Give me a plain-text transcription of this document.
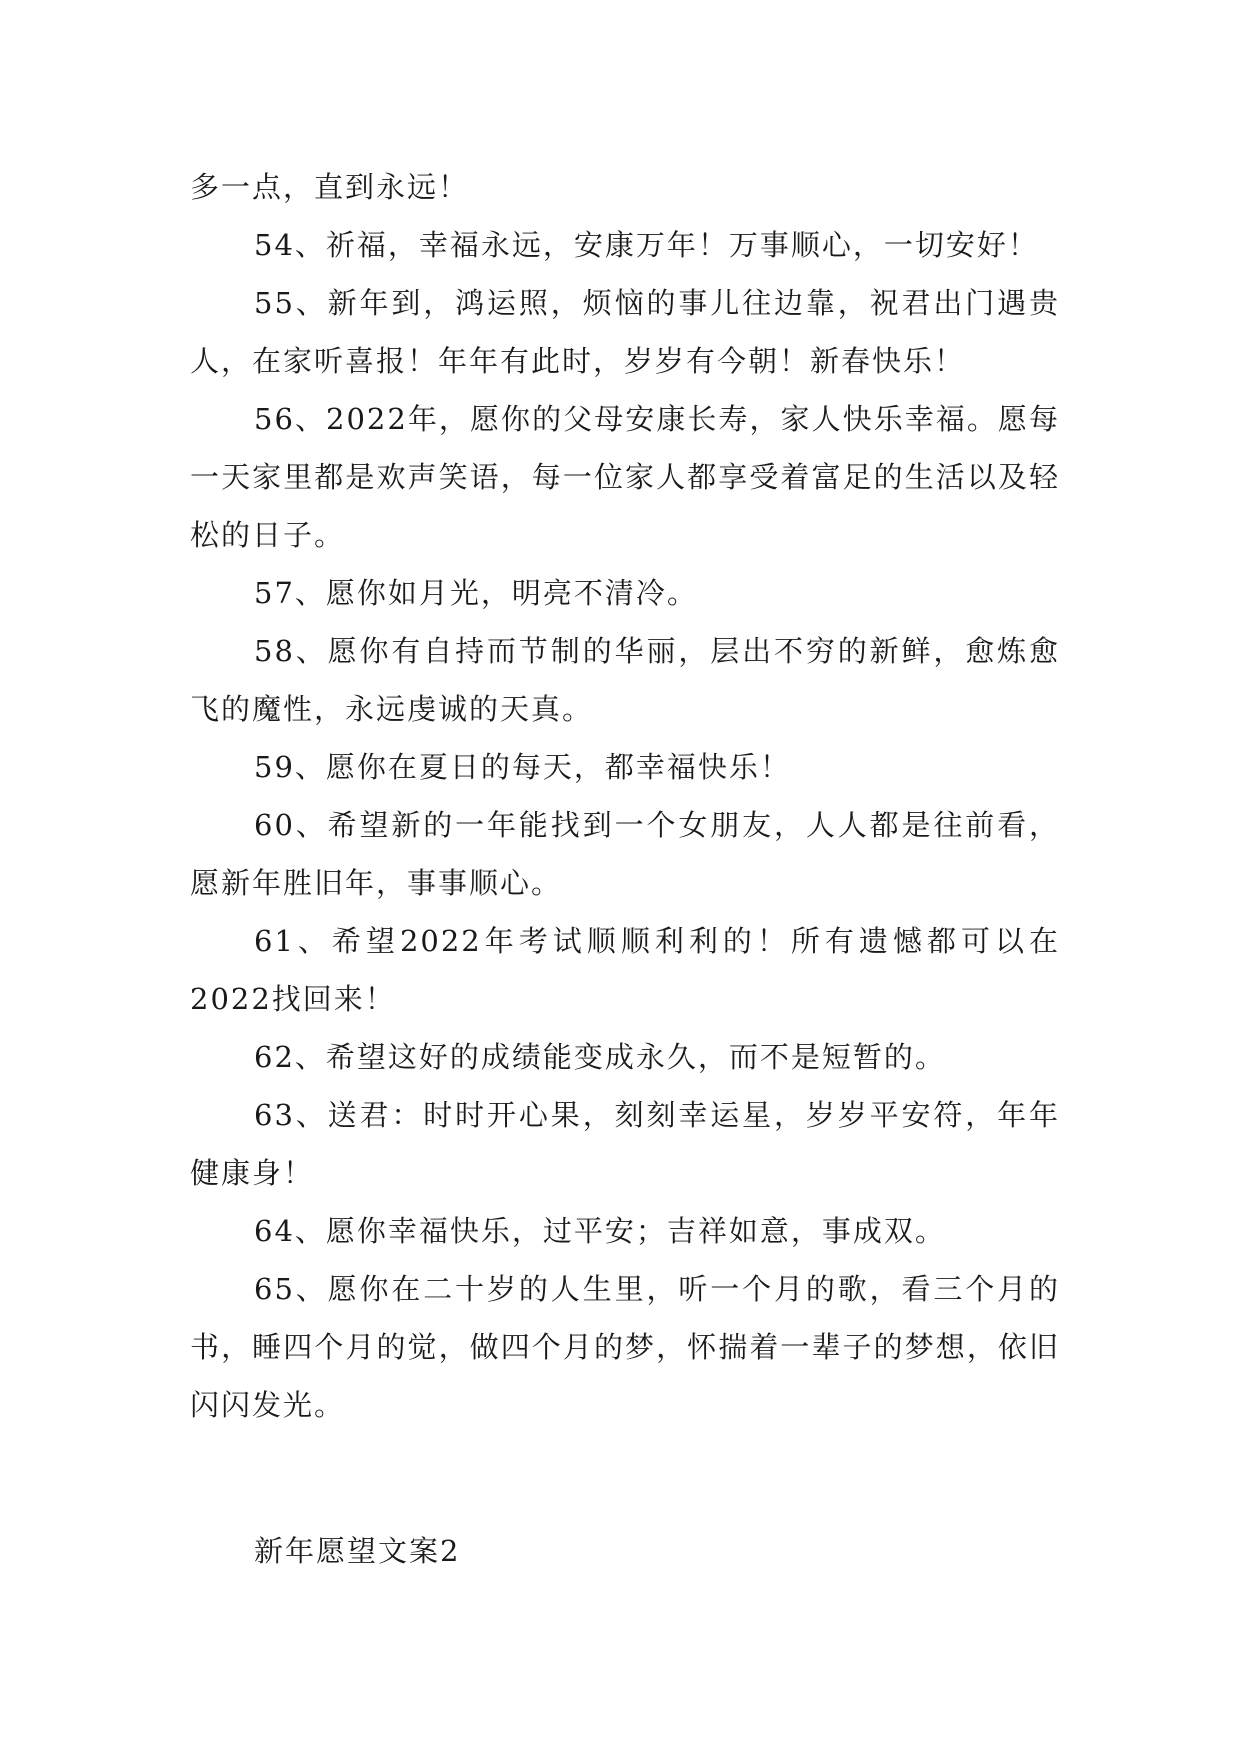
多一点，直到永远！

54、祈福，幸福永远，安康万年！万事顺心，一切安好！

55、新年到，鸿运照，烦恼的事儿往边靠，祝君出门遇贵人，在家听喜报！年年有此时，岁岁有今朝！新春快乐！

56、2022年，愿你的父母安康长寿，家人快乐幸福。愿每一天家里都是欢声笑语，每一位家人都享受着富足的生活以及轻松的日子。

57、愿你如月光，明亮不清冷。

58、愿你有自持而节制的华丽，层出不穷的新鲜，愈炼愈飞的魔性，永远虔诚的天真。

59、愿你在夏日的每天，都幸福快乐！

60、希望新的一年能找到一个女朋友，人人都是往前看，愿新年胜旧年，事事顺心。

61、希望2022年考试顺顺利利的！所有遗憾都可以在2022找回来！

62、希望这好的成绩能变成永久，而不是短暂的。

63、送君：时时开心果，刻刻幸运星，岁岁平安符，年年健康身！

64、愿你幸福快乐，过平安；吉祥如意，事成双。

65、愿你在二十岁的人生里，听一个月的歌，看三个月的书，睡四个月的觉，做四个月的梦，怀揣着一辈子的梦想，依旧闪闪发光。

新年愿望文案2
